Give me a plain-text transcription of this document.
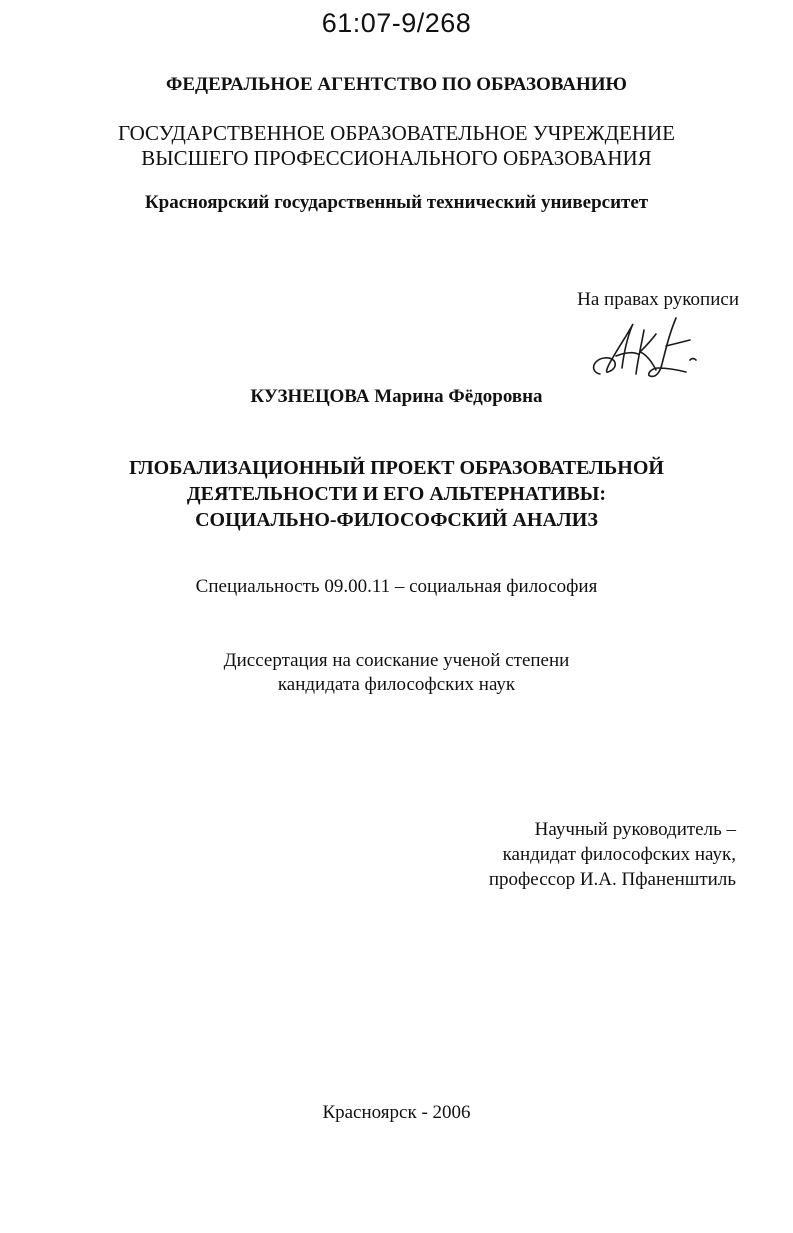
61:07-9/268
ФЕДЕРАЛЬНОЕ АГЕНТСТВО ПО ОБРАЗОВАНИЮ
ГОСУДАРСТВЕННОЕ ОБРАЗОВАТЕЛЬНОЕ УЧРЕЖДЕНИЕ
ВЫСШЕГО ПРОФЕССИОНАЛЬНОГО ОБРАЗОВАНИЯ
Красноярский государственный технический университет
На правах рукописи
КУЗНЕЦОВА Марина Фёдоровна
ГЛОБАЛИЗАЦИОННЫЙ ПРОЕКТ ОБРАЗОВАТЕЛЬНОЙ
ДЕЯТЕЛЬНОСТИ И ЕГО АЛЬТЕРНАТИВЫ:
СОЦИАЛЬНО-ФИЛОСОФСКИЙ АНАЛИЗ
Специальность 09.00.11 – социальная философия
Диссертация на соискание ученой степени
кандидата философских наук
Научный руководитель –
кандидат философских наук,
профессор И.А. Пфаненштиль
Красноярск - 2006
